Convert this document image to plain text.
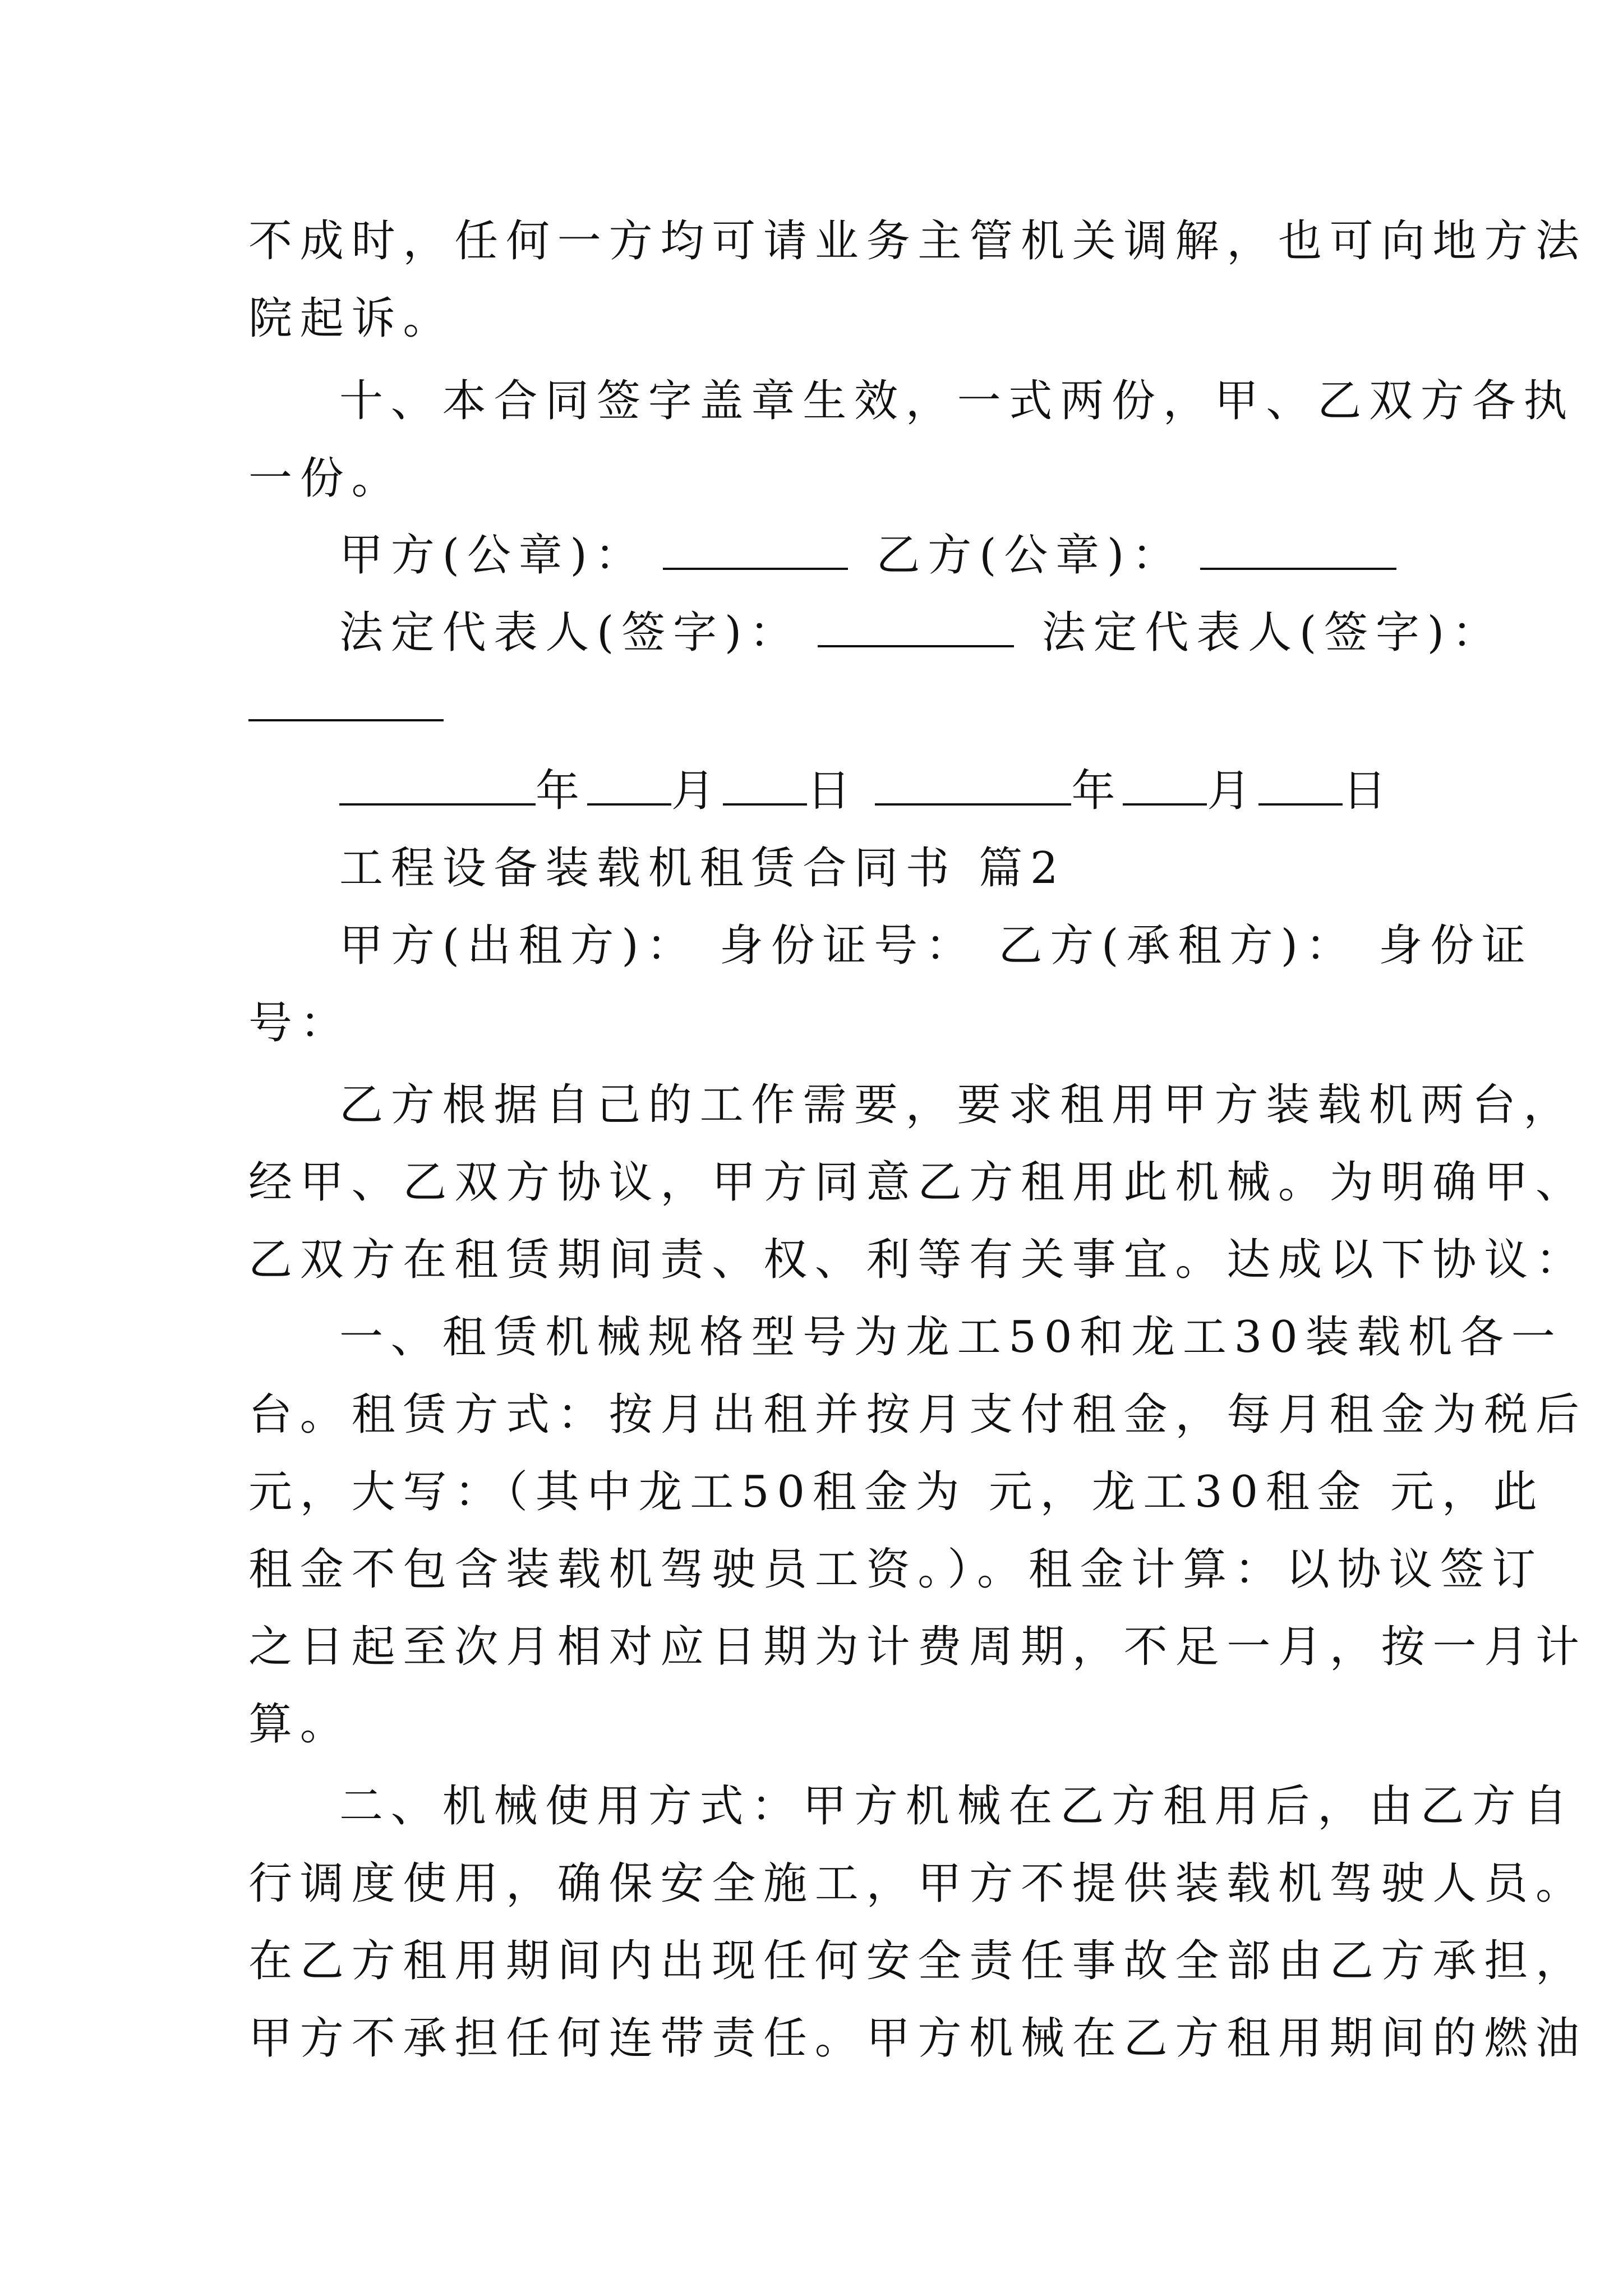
不成时，任何一方均可请业务主管机关调解，也可向地方法
院起诉。
十、本合同签字盖章生效，一式两份，甲、乙双方各执
一份。
甲方(公章)：	乙方(公章)：
法定代表人(签字)：	法定代表人(签字)：
年 月 日	年 月 日
工程设备装载机租赁合同书 篇2
甲方(出租方)： 身份证号： 乙方(承租方)： 身份证
号：
乙方根据自己的工作需要，要求租用甲方装载机两台，
经甲、乙双方协议，甲方同意乙方租用此机械。为明确甲、
乙双方在租赁期间责、权、利等有关事宜。达成以下协议：
一、租赁机械规格型号为龙工50和龙工30装载机各一
台。租赁方式：按月出租并按月支付租金，每月租金为税后
元，大写：（其中龙工50租金为 元，龙工30租金 元，此
租金不包含装载机驾驶员工资。）。租金计算：以协议签订
之日起至次月相对应日期为计费周期，不足一月，按一月计
算。
二、机械使用方式：甲方机械在乙方租用后，由乙方自
行调度使用，确保安全施工，甲方不提供装载机驾驶人员。
在乙方租用期间内出现任何安全责任事故全部由乙方承担，
甲方不承担任何连带责任。甲方机械在乙方租用期间的燃油
